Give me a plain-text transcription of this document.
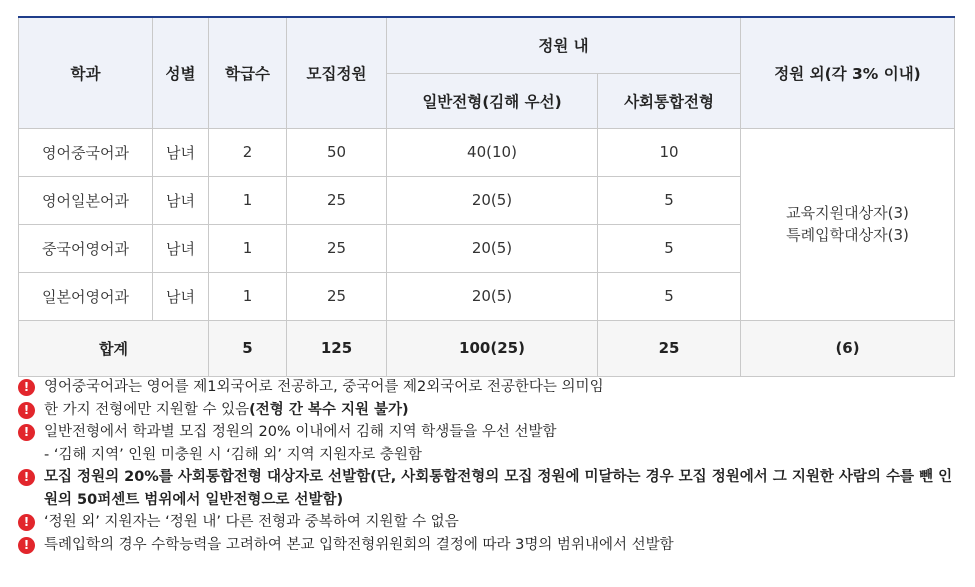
학과	성별	학급수	모집정원	정원 내		정원 외(각 3% 이내)
				일반전형(김해 우선)	사회통합전형	
영어중국어과	남녀	2	50	40(10)	10	교육지원대상자(3)
특례입학대상자(3)
영어일본어과	남녀	1	25	20(5)	5	
중국어영어과	남녀	1	25	20(5)	5	
일본어영어과	남녀	1	25	20(5)	5	
합계		5	125	100(25)	25	(6)
!	영어중국어과는 영어를 제1외국어로 전공하고, 중국어를 제2외국어로 전공한다는 의미임
!	한 가지 전형에만 지원할 수 있음(전형 간 복수 지원 불가)
!	일반전형에서 학과별 모집 정원의 20% 이내에서 김해 지역 학생들을 우선 선발함
- ‘김해 지역’ 인원 미충원 시 ‘김해 외’ 지역 지원자로 충원함
!	모집 정원의 20%를 사회통합전형 대상자로 선발함(단, 사회통합전형의 모집 정원에 미달하는 경우 모집 정원에서 그 지원한 사람의 수를 뺀 인원의 50퍼센트 범위에서 일반전형으로 선발함)
!	‘정원 외’ 지원자는 ‘정원 내’ 다른 전형과 중복하여 지원할 수 없음
!	특례입학의 경우 수학능력을 고려하여 본교 입학전형위원회의 결정에 따라 3명의 범위내에서 선발함
